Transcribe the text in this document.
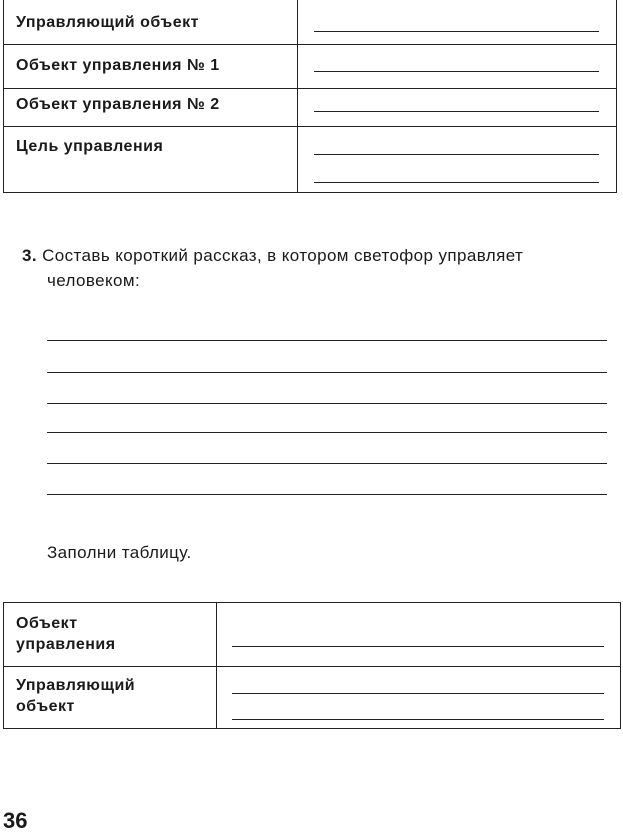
Управляющий объект
Объект управления № 1
Объект управления № 2
Цель управления
3. Составь короткий рассказ, в котором светофор управляет
человеком:
Заполни таблицу.
Объект
управления
Управляющий
объект
36
